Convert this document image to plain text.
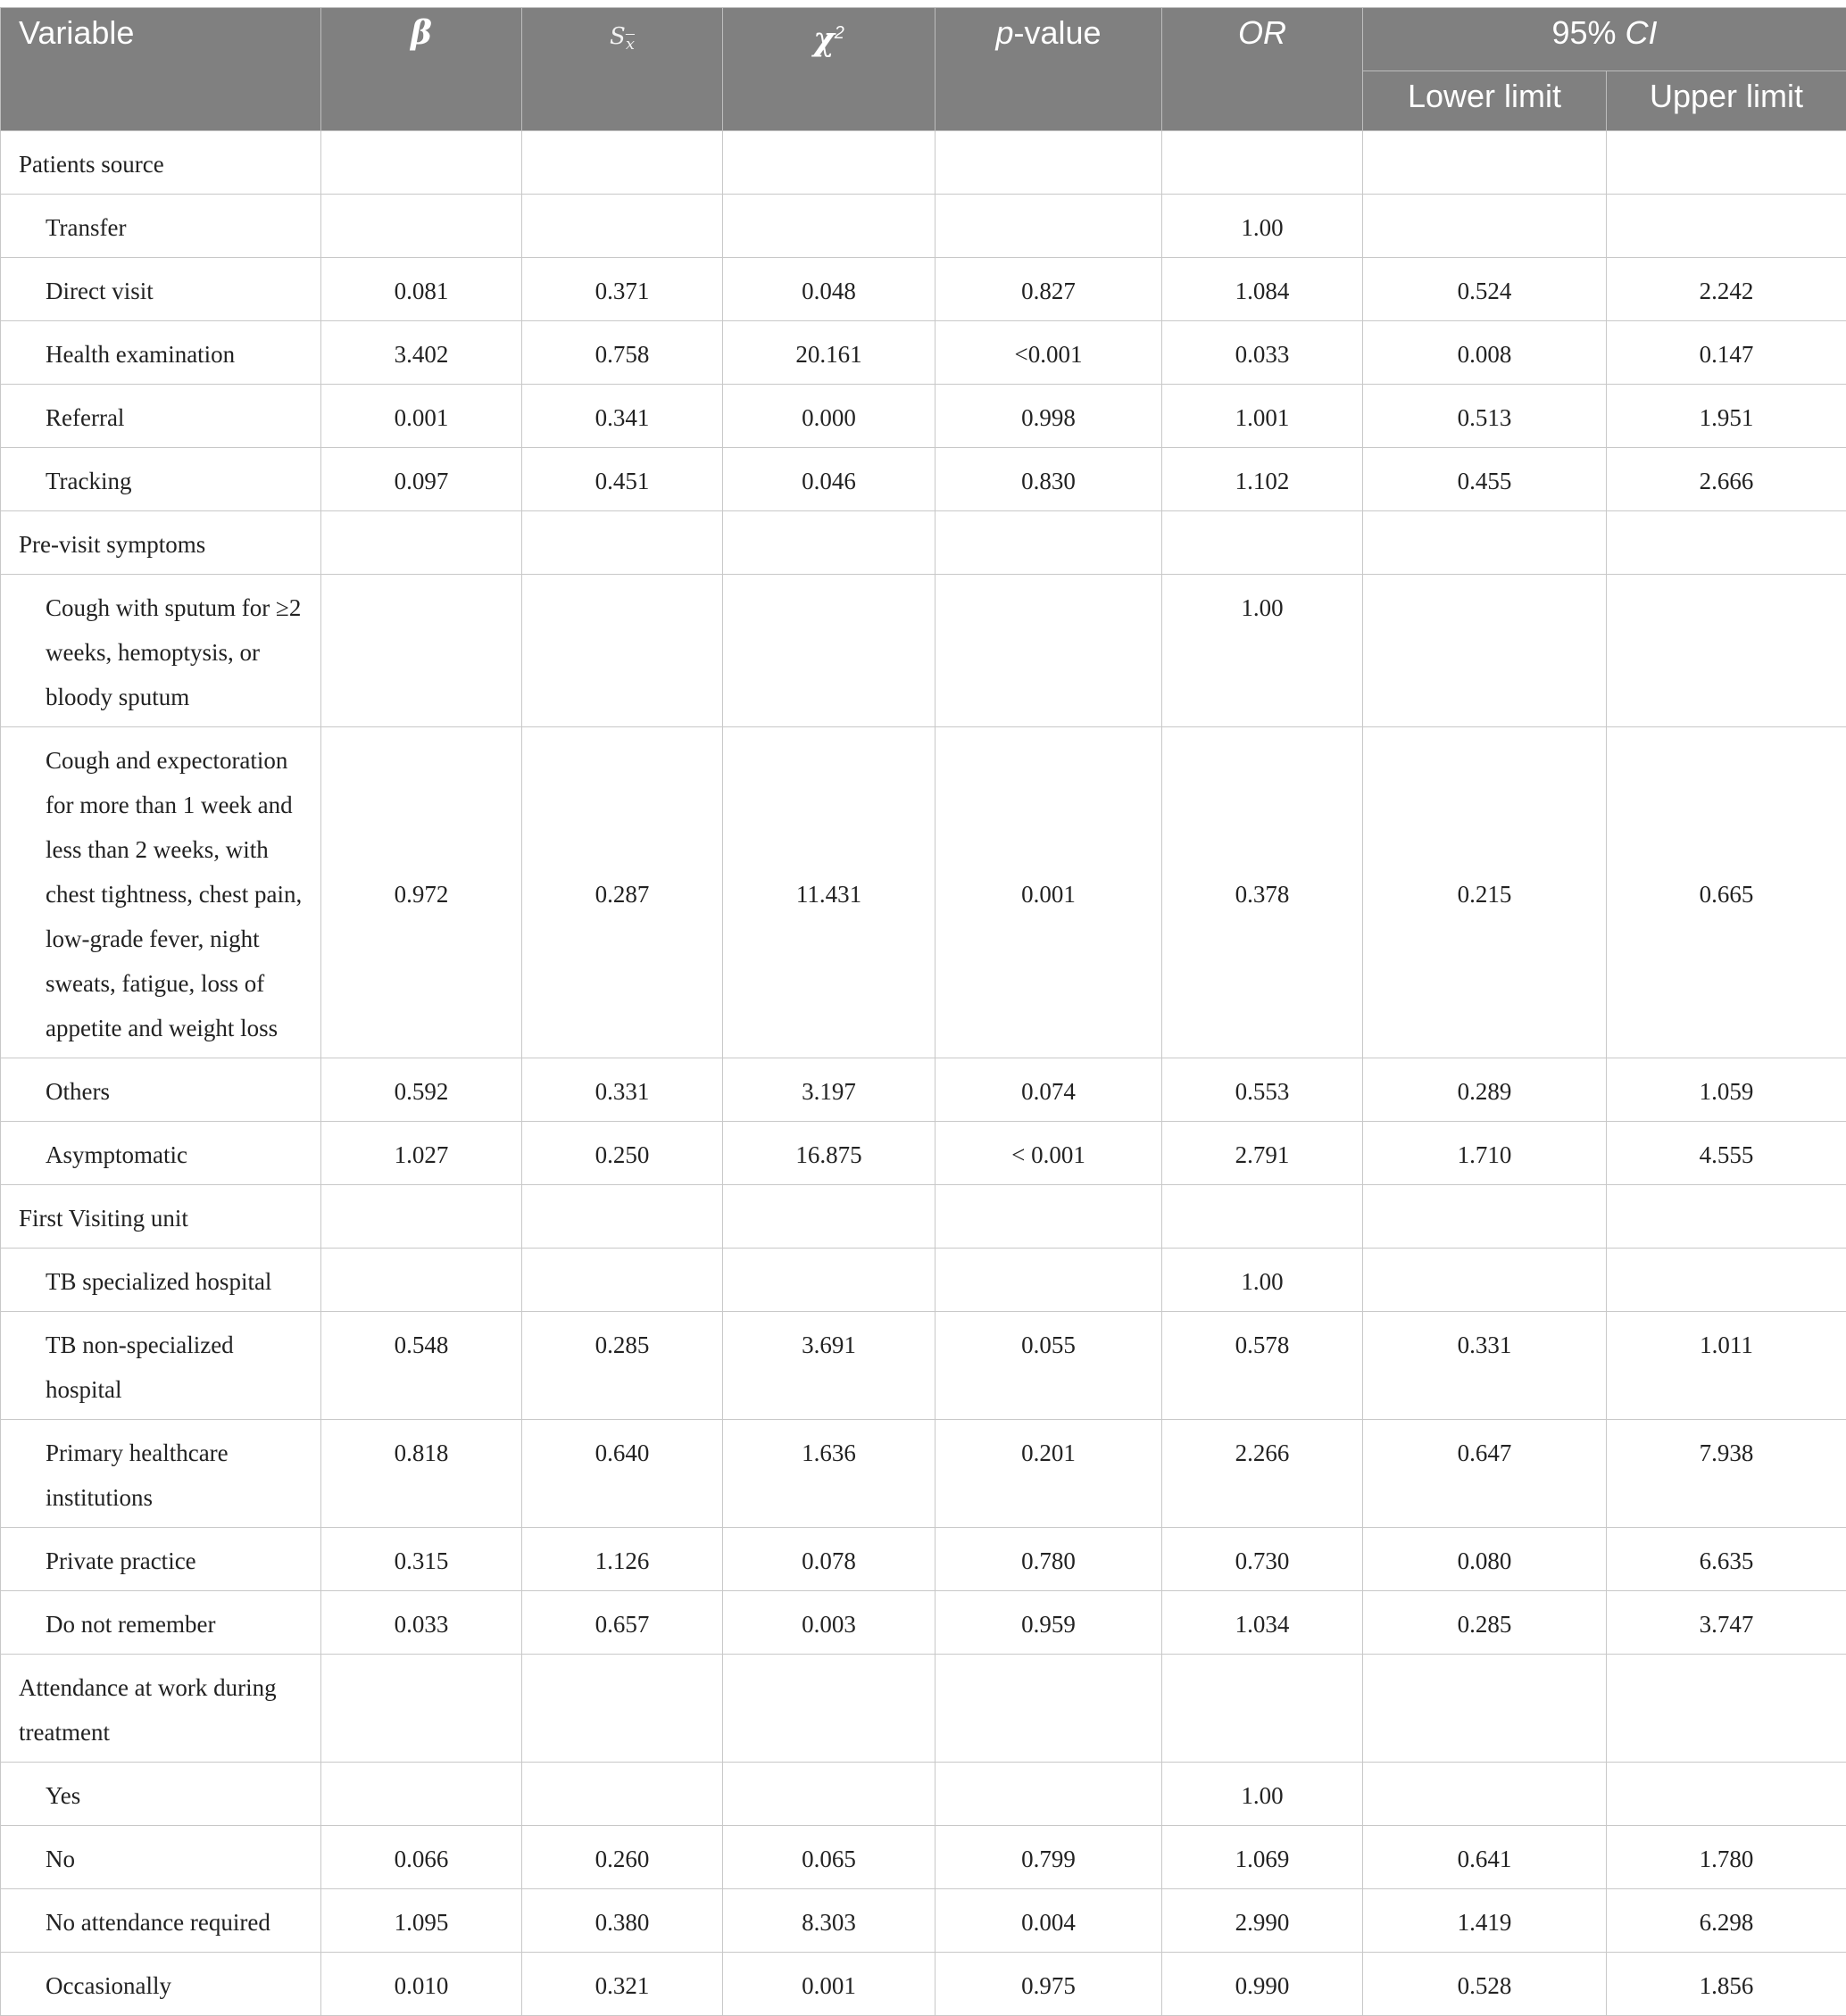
Variable	β	$S_{\overline{x}}$	$\chi^2$	p-value	OR	95% CI	
						Lower limit	Upper limit
Patients source							
Transfer					1.00		
Direct visit	0.081	0.371	0.048	0.827	1.084	0.524	2.242
Health examination	3.402	0.758	20.161	<0.001	0.033	0.008	0.147
Referral	0.001	0.341	0.000	0.998	1.001	0.513	1.951
Tracking	0.097	0.451	0.046	0.830	1.102	0.455	2.666
Pre-visit symptoms							
Cough with sputum for ≥2 weeks, hemoptysis, or bloody sputum					1.00		
Cough and expectoration for more than 1 week and less than 2 weeks, with chest tightness, chest pain, low-grade fever, night sweats, fatigue, loss of appetite and weight loss	0.972	0.287	11.431	0.001	0.378	0.215	0.665
Others	0.592	0.331	3.197	0.074	0.553	0.289	1.059
Asymptomatic	1.027	0.250	16.875	< 0.001	2.791	1.710	4.555
First Visiting unit							
TB specialized hospital					1.00		
TB non-specialized hospital	0.548	0.285	3.691	0.055	0.578	0.331	1.011
Primary healthcare institutions	0.818	0.640	1.636	0.201	2.266	0.647	7.938
Private practice	0.315	1.126	0.078	0.780	0.730	0.080	6.635
Do not remember	0.033	0.657	0.003	0.959	1.034	0.285	3.747
Attendance at work during treatment							
Yes					1.00		
No	0.066	0.260	0.065	0.799	1.069	0.641	1.780
No attendance required	1.095	0.380	8.303	0.004	2.990	1.419	6.298
Occasionally	0.010	0.321	0.001	0.975	0.990	0.528	1.856
